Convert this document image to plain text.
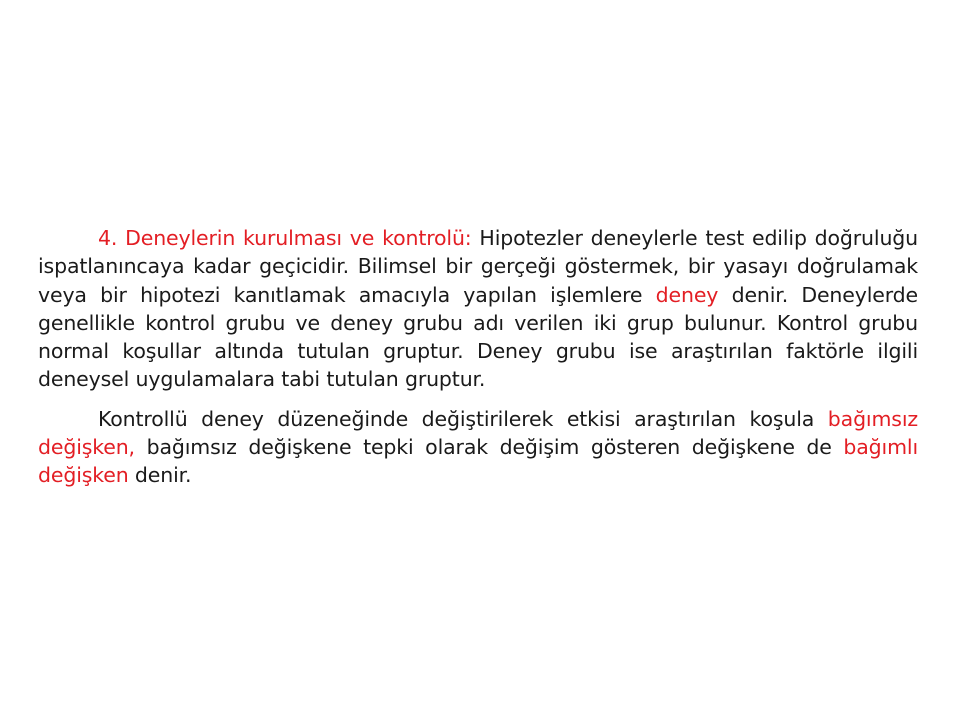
4. Deneylerin kurulması ve kontrolü: Hipotezler deneylerle test edilip doğruluğu ispatlanıncaya kadar geçicidir. Bilimsel bir gerçeği göstermek, bir yasayı doğrulamak veya bir hipotezi kanıtlamak amacıyla yapılan işlemlere deney denir. Deneylerde genellikle kontrol grubu ve deney grubu adı verilen iki grup bulunur. Kontrol grubu normal koşullar altında tutulan gruptur. Deney grubu ise araştırılan faktörle ilgili deneysel uygulamalara tabi tutulan gruptur.

Kontrollü deney düzeneğinde değiştirilerek etkisi araştırılan koşula bağımsız değişken, bağımsız değişkene tepki olarak değişim gösteren değişkene de bağımlı değişken denir.
